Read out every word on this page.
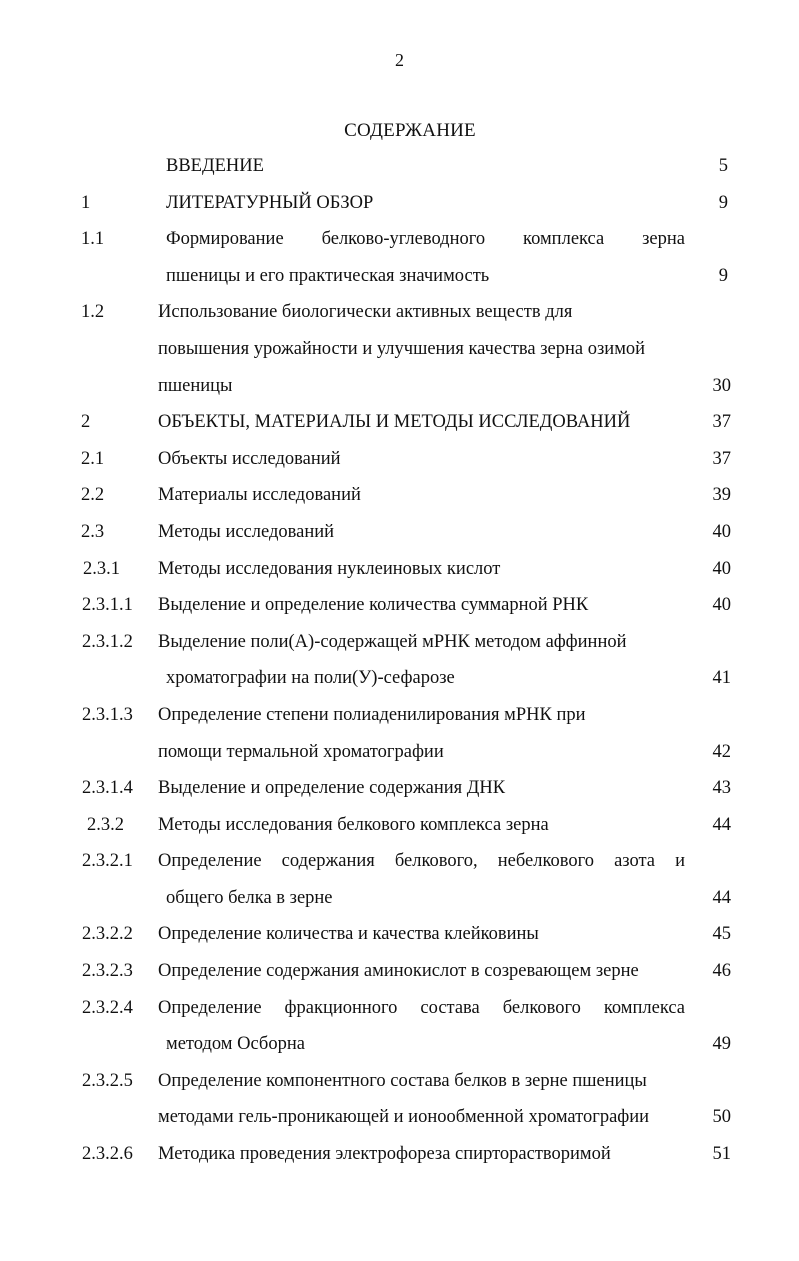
2
СОДЕРЖАНИЕ
ВВЕДЕНИЕ	5
1	ЛИТЕРАТУРНЫЙ ОБЗОР	9
1.1	Формирование белково-углеводного комплекса зерна
пшеницы и его практическая значимость	9
1.2	Использование биологически активных веществ для
повышения урожайности и улучшения качества зерна озимой
пшеницы	30
2	ОБЪЕКТЫ, МАТЕРИАЛЫ И МЕТОДЫ ИССЛЕДОВАНИЙ	37
2.1	Объекты исследований	37
2.2	Материалы исследований	39
2.3	Методы исследований	40
2.3.1 Методы исследования нуклеиновых кислот	40
2.3.1.1 Выделение и определение количества суммарной РНК	40
2.3.1.2 Выделение поли(А)-содержащей мРНК методом аффинной
хроматографии на поли(У)-сефарозе	41
2.3.1.3 Определение степени полиаденилирования мРНК при
помощи термальной хроматографии	42
2.3.1.4 Выделение и определение содержания ДНК	43
2.3.2 Методы исследования белкового комплекса зерна	44
2.3.2.1 Определение содержания белкового, небелкового азота и
общего белка в зерне	44
2.3.2.2 Определение количества и качества клейковины	45
2.3.2.3 Определение содержания аминокислот в созревающем зерне	46
2.3.2.4 Определение фракционного состава белкового комплекса
методом Осборна	49
2.3.2.5 Определение компонентного состава белков в зерне пшеницы
методами гель-проникающей и ионообменной хроматографии	50
2.3.2.6 Методика проведения электрофореза спирторастворимой	51
